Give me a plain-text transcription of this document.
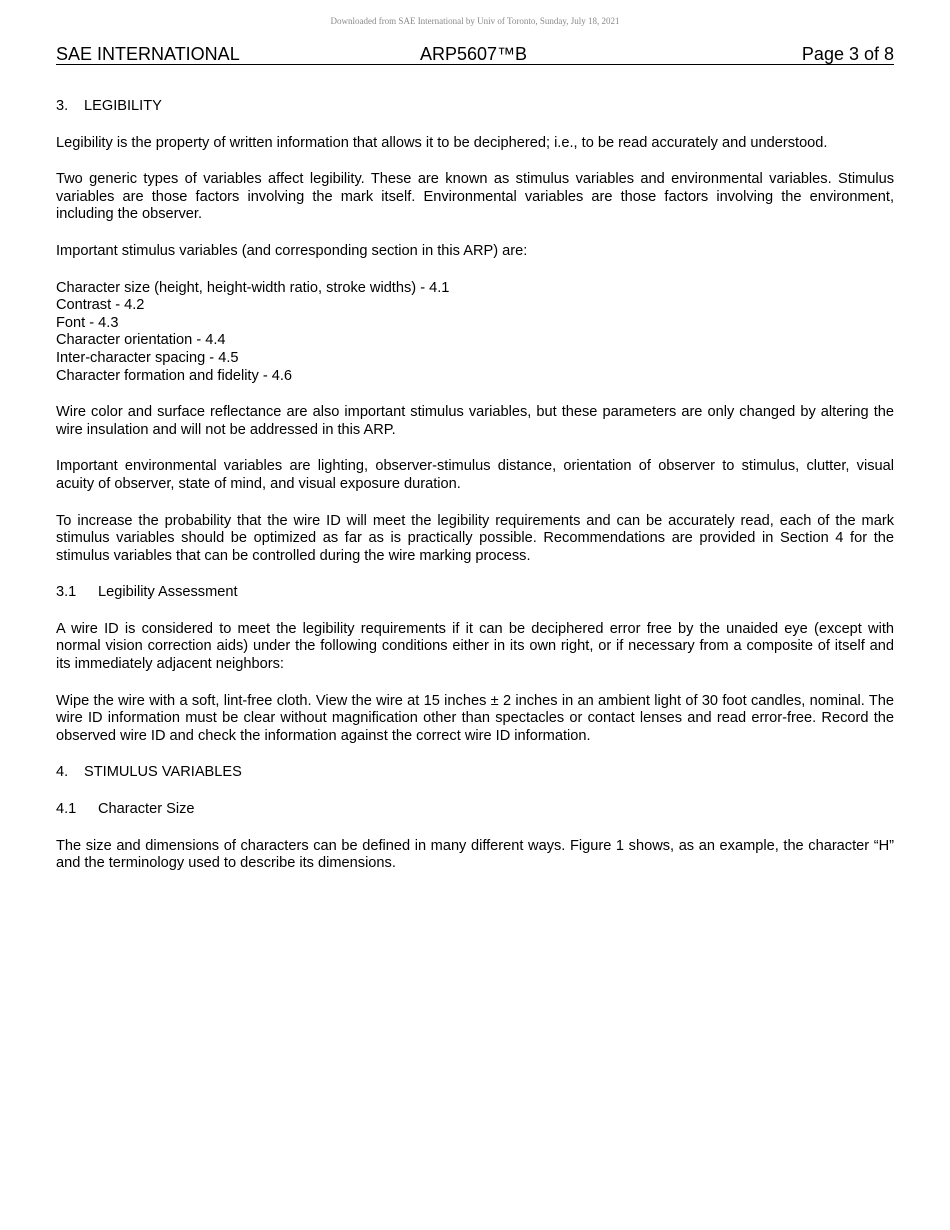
Downloaded from SAE International by Univ of Toronto, Sunday, July 18, 2021
SAE INTERNATIONAL	ARP5607™B	Page 3 of 8
3. LEGIBILITY

Legibility is the property of written information that allows it to be deciphered; i.e., to be read accurately and understood.

Two generic types of variables affect legibility. These are known as stimulus variables and environmental variables. Stimulus variables are those factors involving the mark itself. Environmental variables are those factors involving the environment, including the observer.

Important stimulus variables (and corresponding section in this ARP) are:

Character size (height, height-width ratio, stroke widths) - 4.1
Contrast - 4.2
Font - 4.3
Character orientation - 4.4
Inter-character spacing - 4.5
Character formation and fidelity - 4.6

Wire color and surface reflectance are also important stimulus variables, but these parameters are only changed by altering the wire insulation and will not be addressed in this ARP.

Important environmental variables are lighting, observer-stimulus distance, orientation of observer to stimulus, clutter, visual acuity of observer, state of mind, and visual exposure duration.

To increase the probability that the wire ID will meet the legibility requirements and can be accurately read, each of the mark stimulus variables should be optimized as far as is practically possible. Recommendations are provided in Section 4 for the stimulus variables that can be controlled during the wire marking process.

3.1 Legibility Assessment

A wire ID is considered to meet the legibility requirements if it can be deciphered error free by the unaided eye (except with normal vision correction aids) under the following conditions either in its own right, or if necessary from a composite of itself and its immediately adjacent neighbors:

Wipe the wire with a soft, lint-free cloth. View the wire at 15 inches ± 2 inches in an ambient light of 30 foot candles, nominal. The wire ID information must be clear without magnification other than spectacles or contact lenses and read error-free. Record the observed wire ID and check the information against the correct wire ID information.

4. STIMULUS VARIABLES
4.1 Character Size

The size and dimensions of characters can be defined in many different ways. Figure 1 shows, as an example, the character “H” and the terminology used to describe its dimensions.
